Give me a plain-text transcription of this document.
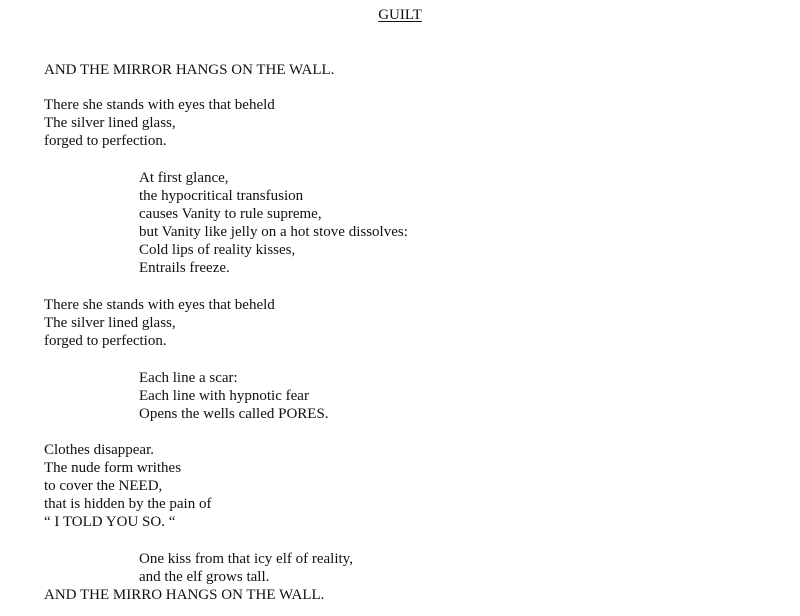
GUILT

AND THE MIRROR HANGS ON THE WALL.

There she stands with eyes that beheld

The silver lined glass,

forged to perfection.

At first glance,

the hypocritical transfusion

causes Vanity to rule supreme,

but Vanity like jelly on a hot stove dissolves:

Cold lips of reality kisses,

Entrails freeze.

There she stands with eyes that beheld

The silver lined glass,

forged to perfection.

Each line a scar:

Each line with hypnotic fear

Opens the wells called PORES.

Clothes disappear.

The nude form writhes

to cover the NEED,

that is hidden by the pain of

“ I TOLD YOU SO. “

One kiss from that icy elf of reality,

and the elf grows tall.

AND THE MIRRO HANGS ON THE WALL.
